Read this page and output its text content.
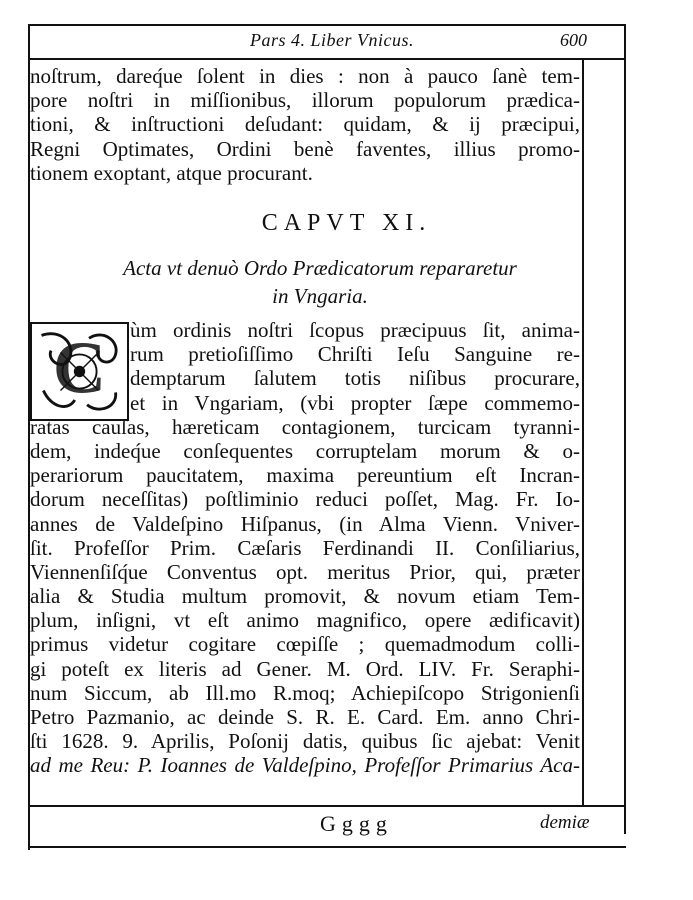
Pars 4. Liber Vnicus.	600
noſtrum, dareq́ue ſolent in dies : non à pauco ſanè tem-
pore noſtri in miſſionibus, illorum populorum prædica-
tioni, & inſtructioni deſudant: quidam, & ij præcipui,
Regni Optimates, Ordini benè faventes, illius promo-
tionem exoptant, atque procurant.
CAPVT XI.
Acta vt denuò Ordo Prædicatorum repararetur
in Vngaria.
C	ùm ordinis noſtri ſcopus præcipuus ſit, anima-
rum pretioſiſſimo Chriſti Ieſu Sanguine re-
demptarum ſalutem totis niſibus procurare,
et in Vngariam, (vbi propter ſæpe commemo-
ratas cauſas, hæreticam contagionem, turcicam tyranni-
dem, indeq́ue conſequentes corruptelam morum & o-
perariorum paucitatem, maxima pereuntium eſt Incran-
dorum neceſſitas) poſtliminio reduci poſſet, Mag. Fr. Io-
annes de Valdeſpino Hiſpanus, (in Alma Vienn. Vniver-
ſit. Profeſſor Prim. Cæſaris Ferdinandi II. Conſiliarius,
Viennenſiſq́ue Conventus opt. meritus Prior, qui, præter
alia & Studia multum promovit, & novum etiam Tem-
plum, inſigni, vt eſt animo magnifico, opere ædificavit)
primus videtur cogitare cœpiſſe ; quemadmodum colli-
gi poteſt ex literis ad Gener. M. Ord. LIV. Fr. Seraphi-
num Siccum, ab Ill.mo R.moq; Achiepiſcopo Strigonienſi
Petro Pazmanio, ac deinde S. R. E. Card. Em. anno Chri-
ſti 1628. 9. Aprilis, Poſonij datis, quibus ſic ajebat: Venit
ad me Reu: P. Ioannes de Valdeſpino, Profeſſor Primarius Aca-
Gggg	demiæ
